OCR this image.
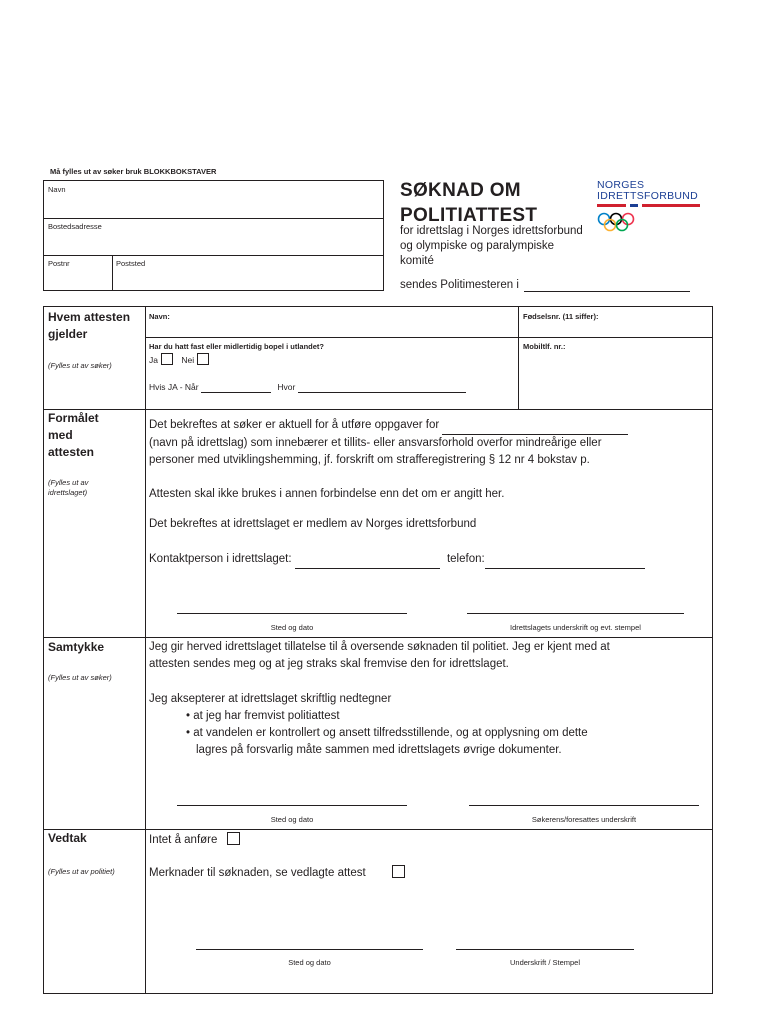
Må fylles ut av søker bruk BLOKKBOKSTAVER
Navn
Bostedsadresse
Postnr	Poststed
SØKNAD OM
POLITIATTEST
for idrettslag i Norges idrettsforbund og olympiske og paralympiske komité
sendes Politimesteren i
NORGES
IDRETTSFORBUND
Hvem attesten
gjelder
(Fylles ut av søker)
Navn:	Fødselsnr. (11 siffer):
Har du hatt fast eller midlertidig bopel i utlandet?
Ja	Nei
Hvis JA - Når	Hvor
Mobiltlf. nr.:
Formålet
med
attesten
(Fylles ut av
idrettslaget)
Det bekreftes at søker er aktuell for å utføre oppgaver for
(navn på idrettslag) som innebærer et tillits- eller ansvarsforhold overfor mindreårige eller
personer med utviklingshemming, jf. forskrift om strafferegistrering § 12 nr 4 bokstav p.
Attesten skal ikke brukes i annen forbindelse enn det om er angitt her.
Det bekreftes at idrettslaget er medlem av Norges idrettsforbund
Kontaktperson i idrettslaget:	telefon:
Sted og dato	Idrettslagets underskrift og evt. stempel
Samtykke
(Fylles ut av søker)
Jeg gir herved idrettslaget tillatelse til å oversende søknaden til politiet. Jeg er kjent med at
attesten sendes meg og at jeg straks skal fremvise den for idrettslaget.
Jeg aksepterer at idrettslaget skriftlig nedtegner
• at jeg har fremvist politiattest
• at vandelen er kontrollert og ansett tilfredsstillende, og at opplysning om dette
lagres på forsvarlig måte sammen med idrettslagets øvrige dokumenter.
Sted og dato	Søkerens/foresattes underskrift
Vedtak
(Fylles ut av politiet)
Intet å anføre
Merknader til søknaden, se vedlagte attest
Sted og dato	Underskrift / Stempel
